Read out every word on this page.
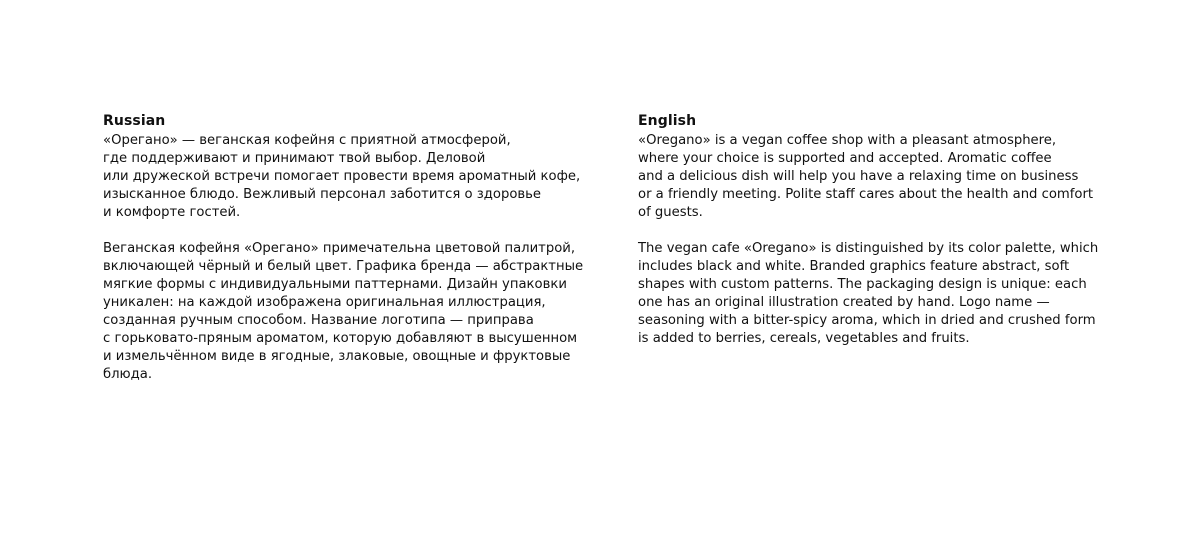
Russian
«Орегано» — веганская кофейня с приятной атмосферой,
где поддерживают и принимают твой выбор. Деловой
или дружеской встречи помогает провести время ароматный кофе,
изысканное блюдо. Вежливый персонал заботится о здоровье
и комфорте гостей.
Веганская кофейня «Орегано» примечательна цветовой палитрой,
включающей чёрный и белый цвет. Графика бренда — абстрактные
мягкие формы с индивидуальными паттернами. Дизайн упаковки
уникален: на каждой изображена оригинальная иллюстрация,
созданная ручным способом. Название логотипа — приправа
с горьковато-пряным ароматом, которую добавляют в высушенном
и измельчённом виде в ягодные, злаковые, овощные и фруктовые
блюда.
English
«Oregano» is a vegan coffee shop with a pleasant atmosphere,
where your choice is supported and accepted. Aromatic coffee
and a delicious dish will help you have a relaxing time on business
or a friendly meeting. Polite staff cares about the health and comfort
of guests.
The vegan cafe «Oregano» is distinguished by its color palette, which
includes black and white. Branded graphics feature abstract, soft
shapes with custom patterns. The packaging design is unique: each
one has an original illustration created by hand. Logo name —
seasoning with a bitter-spicy aroma, which in dried and crushed form
is added to berries, cereals, vegetables and fruits.
